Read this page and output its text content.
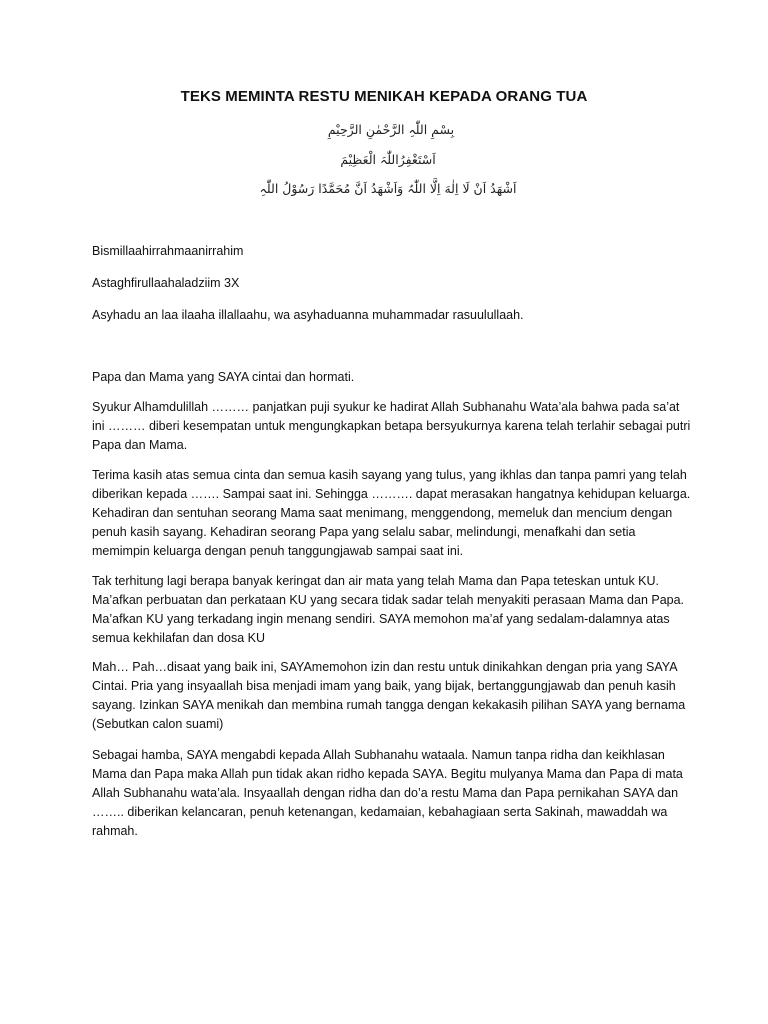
TEKS MEMINTA RESTU MENIKAH KEPADA ORANG TUA
بِسْمِ اللّٰہِ الرَّحْمٰنِ الرَّحِیْمِ
اَسْتَغْفِرُاللّٰہَ الْعَظِیْمَ
اَشْهَدُ اَنْ لَا اِلٰهَ اِلَّا اللّٰہُ وَاَشْهَدُ اَنَّ مُحَمَّدًا رَسُوْلُ اللّٰہِ

Bismillaahirrahmaanirrahim

Astaghfirullaahaladziim 3X

Asyhadu an laa ilaaha illallaahu, wa asyhaduanna muhammadar rasuulullaah.

Papa dan Mama yang SAYA cintai dan hormati.

Syukur Alhamdulillah ……… panjatkan puji syukur ke hadirat Allah Subhanahu Wata’ala bahwa pada sa’at ini ……… diberi kesempatan untuk mengungkapkan betapa bersyukurnya karena telah terlahir sebagai putri Papa dan Mama.

Terima kasih atas semua cinta dan semua kasih sayang yang tulus, yang ikhlas dan tanpa pamri yang telah diberikan kepada ……. Sampai saat ini. Sehingga ………. dapat merasakan hangatnya kehidupan keluarga. Kehadiran dan sentuhan seorang Mama saat menimang, menggendong, memeluk dan mencium dengan penuh kasih sayang. Kehadiran seorang Papa yang selalu sabar, melindungi, menafkahi dan setia memimpin keluarga dengan penuh tanggungjawab sampai saat ini.

Tak terhitung lagi berapa banyak keringat dan air mata yang telah Mama dan Papa teteskan untuk KU. Ma’afkan perbuatan dan perkataan KU yang secara tidak sadar telah menyakiti perasaan Mama dan Papa. Ma’afkan KU yang terkadang ingin menang sendiri. SAYA memohon ma’af yang sedalam-dalamnya atas semua kekhilafan dan dosa KU

Mah… Pah…disaat yang baik ini, SAYAmemohon izin dan restu untuk dinikahkan dengan pria yang SAYA Cintai. Pria yang insyaallah bisa menjadi imam yang baik, yang bijak, bertanggungjawab dan penuh kasih sayang. Izinkan SAYA menikah dan membina rumah tangga dengan kekakasih pilihan SAYA yang bernama (Sebutkan calon suami)

Sebagai hamba, SAYA mengabdi kepada Allah Subhanahu wataala. Namun tanpa ridha dan keikhlasan Mama dan Papa maka Allah pun tidak akan ridho kepada SAYA. Begitu mulyanya Mama dan Papa di mata Allah Subhanahu wata’ala. Insyaallah dengan ridha dan do’a restu Mama dan Papa pernikahan SAYA dan …….. diberikan kelancaran, penuh ketenangan, kedamaian, kebahagiaan serta Sakinah, mawaddah wa rahmah.
